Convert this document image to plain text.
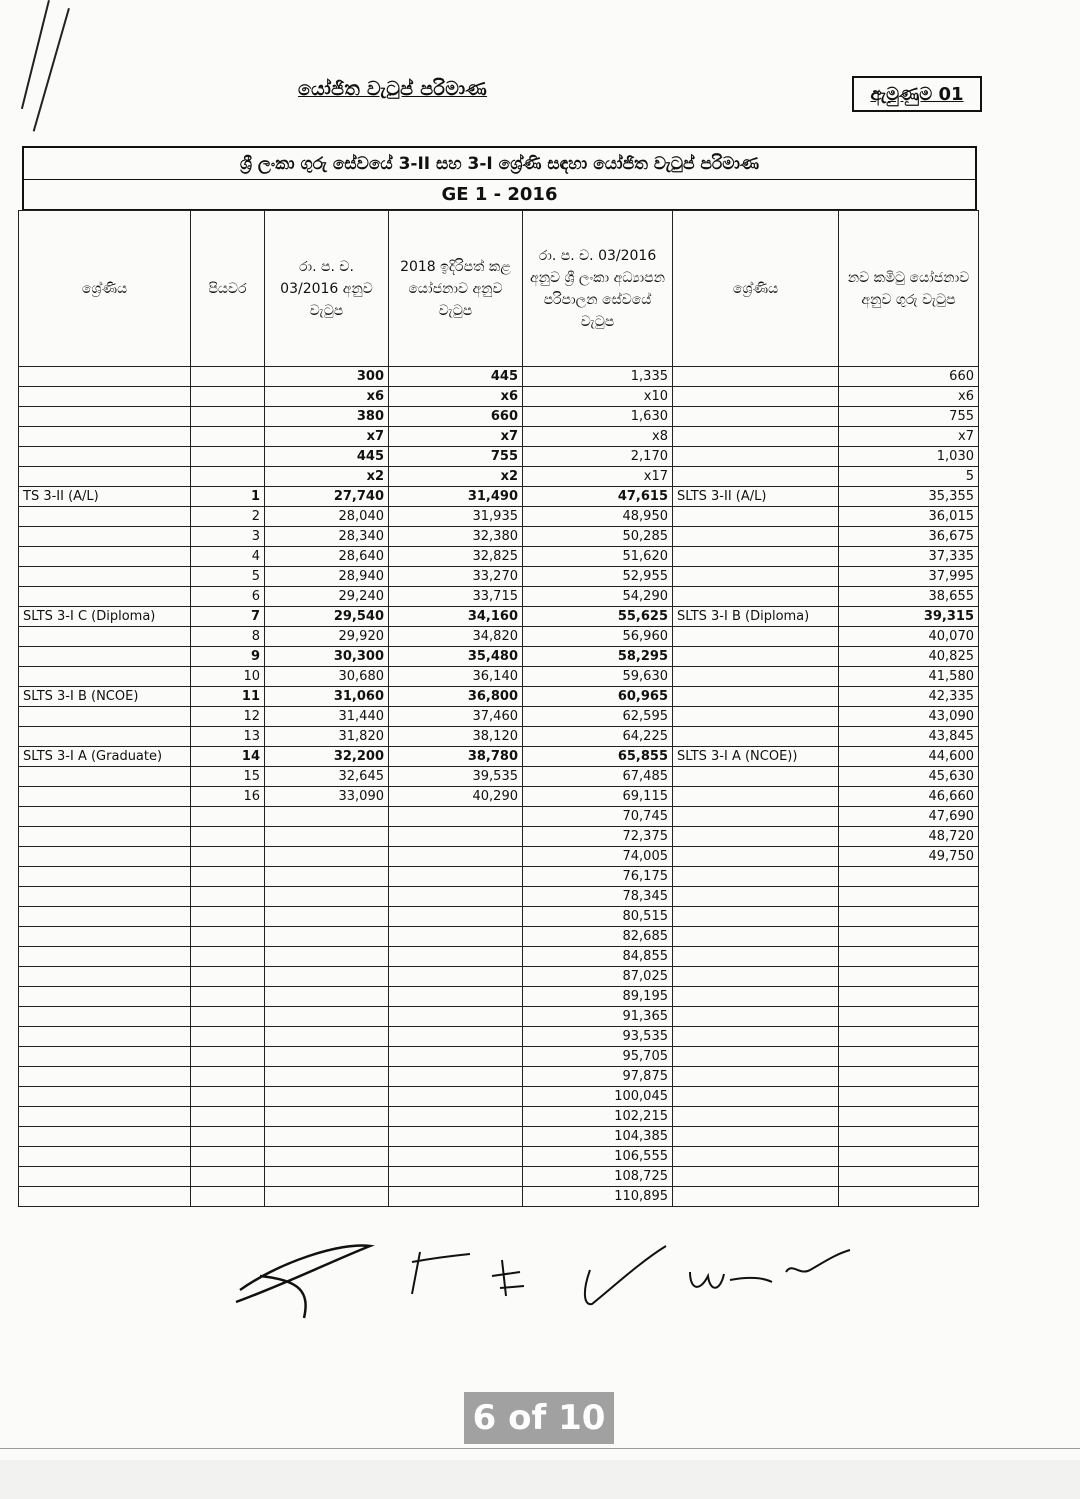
යෝජිත වැටුප් පරිමාණ	ඇමුණුම 01
ශ්‍රී ලංකා ගුරු සේවයේ 3-II සහ 3-I ශ්‍රේණි සඳහා යෝජිත වැටුප් පරිමාණ
GE 1 - 2016
ශ්‍රේණිය	පියවර	රා. ප. ච. 03/2016 අනුව වැටුප	2018 ඉදිරිපත් කළ යෝජනාව අනුව වැටුප	රා. ප. ච. 03/2016 අනුව ශ්‍රී ලංකා අධ්‍යාපන පරිපාලන සේවයේ වැටුප	ශ්‍රේණිය	නව කමිටු යෝජනාව අනුව ගුරු වැටුප
		300	445	1,335		660
		x6	x6	x10		x6
		380	660	1,630		755
		x7	x7	x8		x7
		445	755	2,170		1,030
		x2	x2	x17		5
TS 3-II (A/L)	1	27,740	31,490	47,615	SLTS 3-II (A/L)	35,355
	2	28,040	31,935	48,950		36,015
	3	28,340	32,380	50,285		36,675
	4	28,640	32,825	51,620		37,335
	5	28,940	33,270	52,955		37,995
	6	29,240	33,715	54,290		38,655
SLTS 3-I C (Diploma)	7	29,540	34,160	55,625	SLTS 3-I B (Diploma)	39,315
	8	29,920	34,820	56,960		40,070
	9	30,300	35,480	58,295		40,825
	10	30,680	36,140	59,630		41,580
SLTS 3-I B (NCOE)	11	31,060	36,800	60,965		42,335
	12	31,440	37,460	62,595		43,090
	13	31,820	38,120	64,225		43,845
SLTS 3-I A (Graduate)	14	32,200	38,780	65,855	SLTS 3-I A (NCOE))	44,600
	15	32,645	39,535	67,485		45,630
	16	33,090	40,290	69,115		46,660
				70,745		47,690
				72,375		48,720
				74,005		49,750
				76,175		
				78,345		
				80,515		
				82,685		
				84,855		
				87,025		
				89,195		
				91,365		
				93,535		
				95,705		
				97,875		
				100,045		
				102,215		
				104,385		
				106,555		
				108,725		
				110,895		
6 of 10
